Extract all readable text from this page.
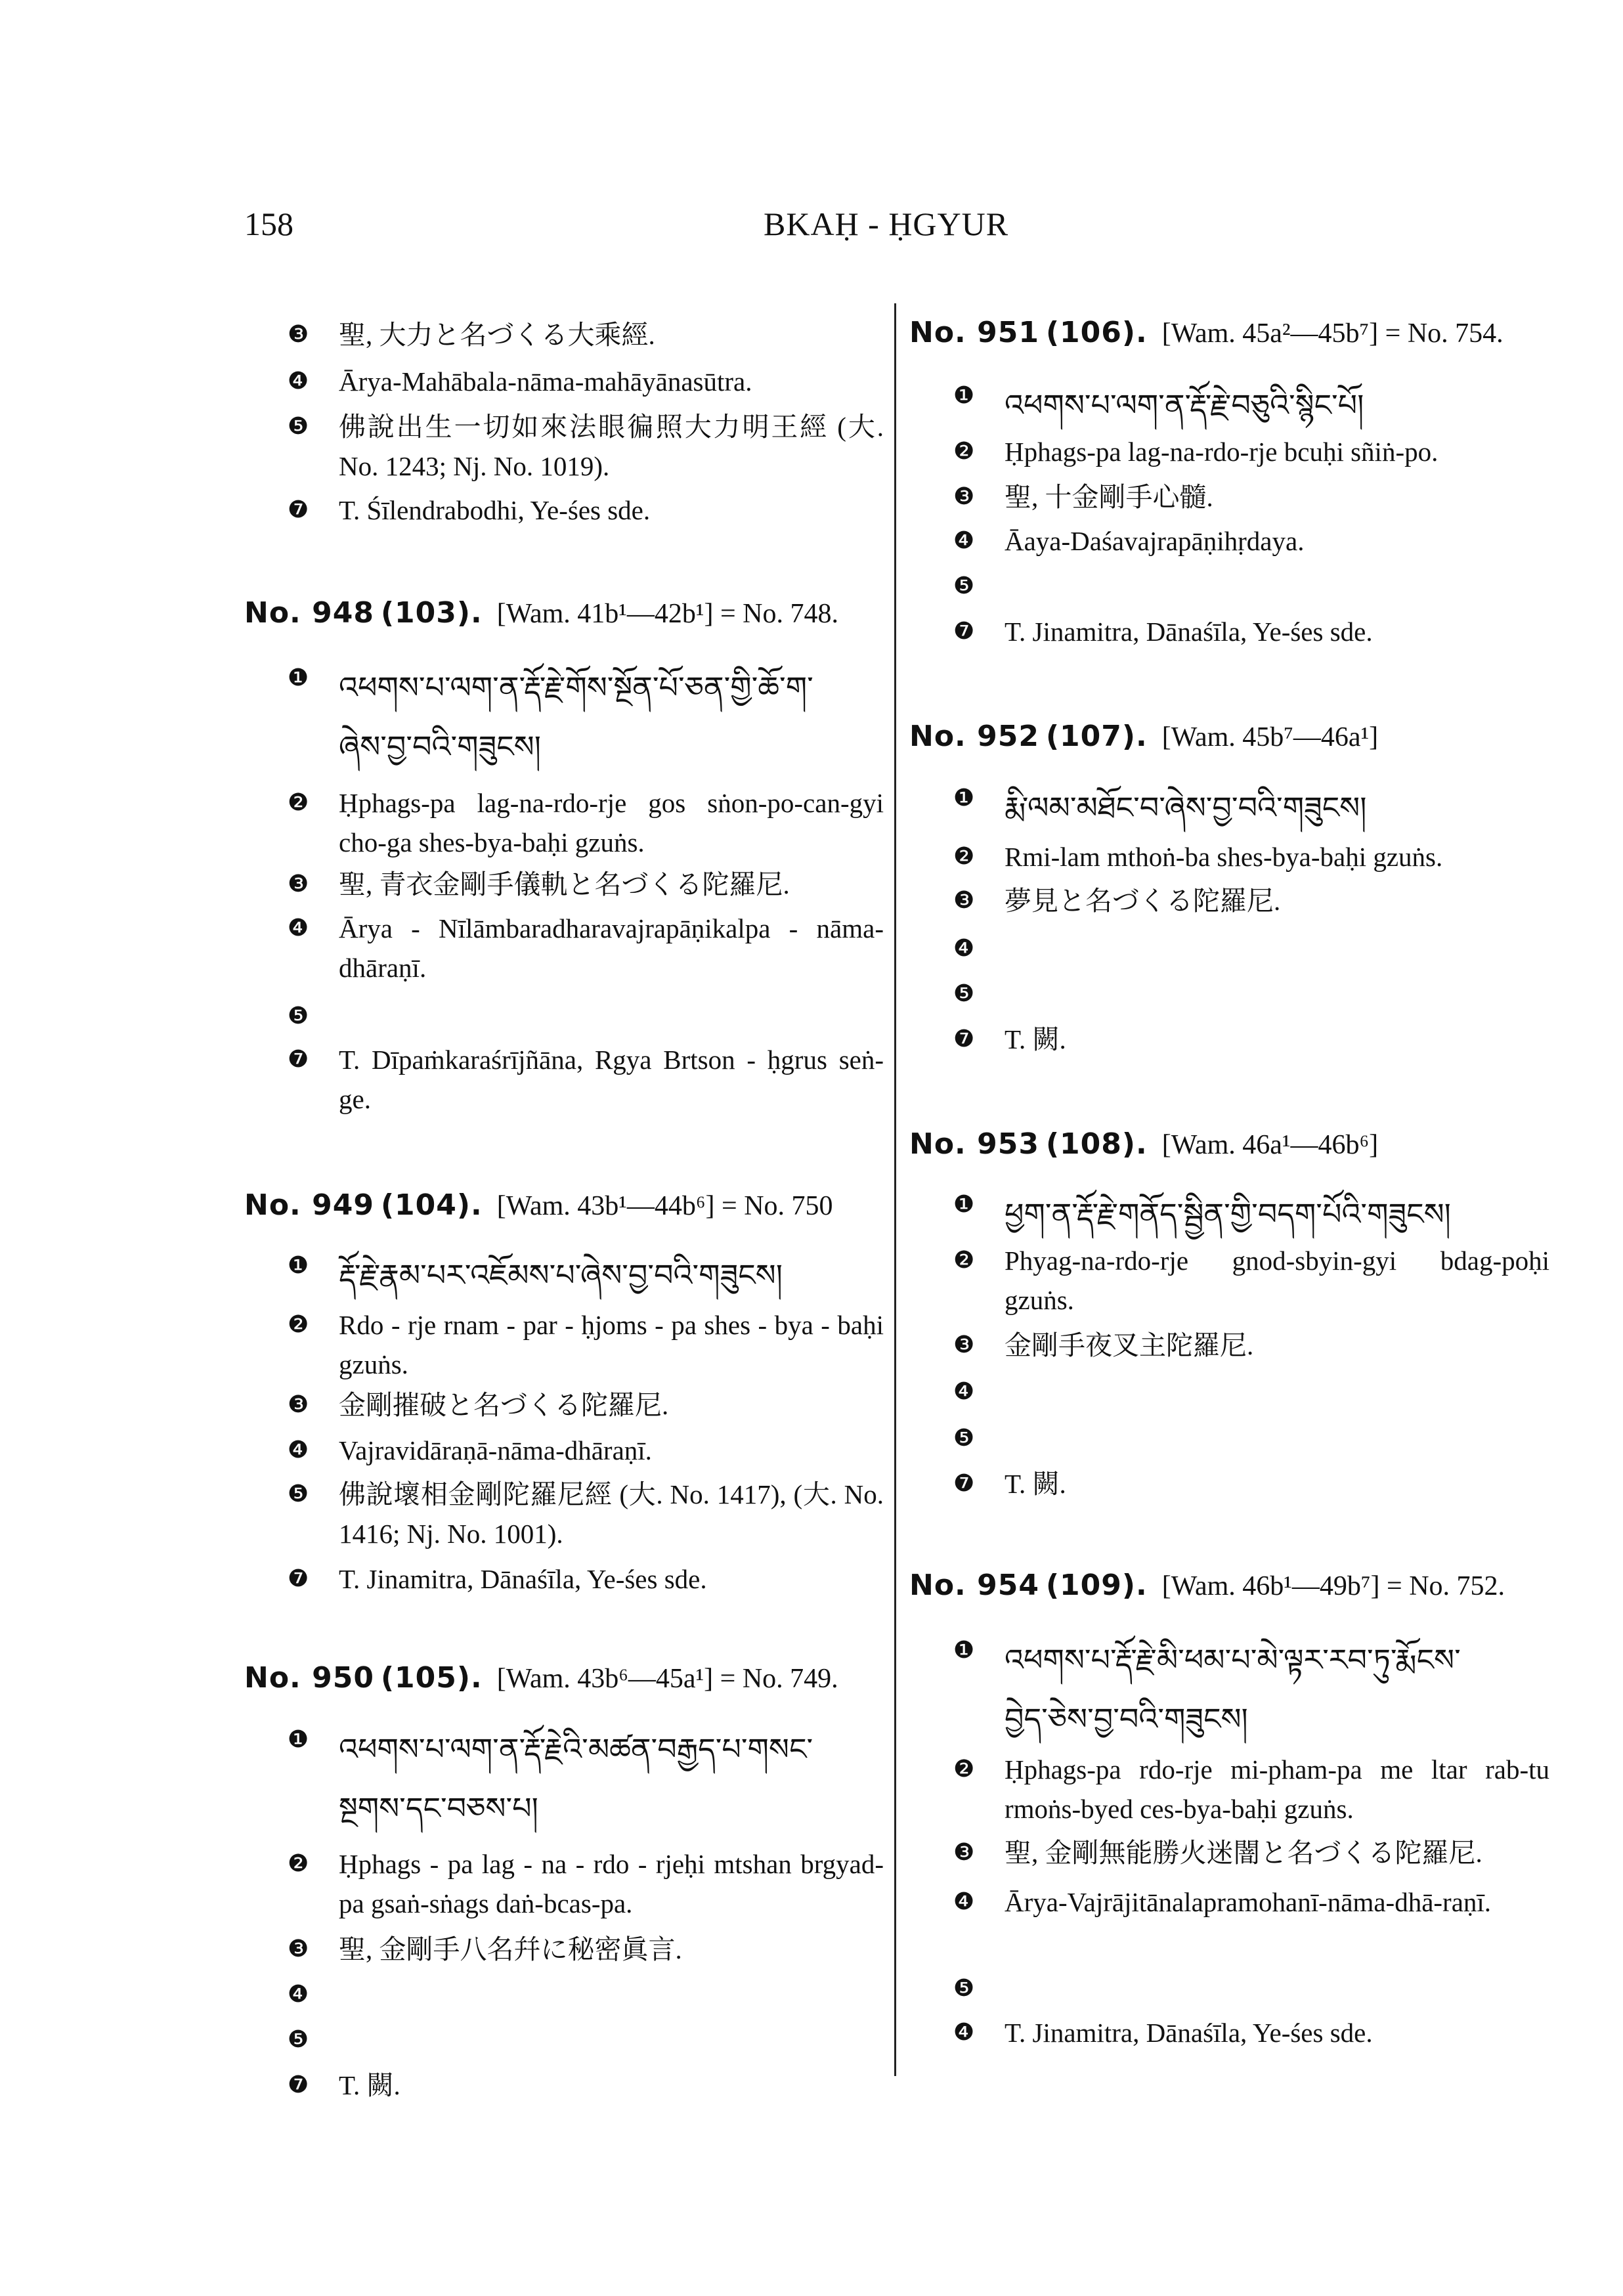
158	BKAḤ - ḤGYUR
❸ 聖, 大力と名づくる大乘經.
❹ Ārya-Mahābala-nāma-mahāyānasūtra.
❺ 佛說出生一切如來法眼徧照大力明王經 (大. No. 1243; Nj. No. 1019).
❼ T. Śīlendrabodhi, Ye-śes sde.
No. 948 (103). [Wam. 41b¹—42b¹] = No. 748.
❶ འཕགས་པ་ལག་ན་རྡོ་རྗེ་གོས་སྔོན་པོ་ཅན་གྱི་ཆོ་ག་
ཞེས་བྱ་བའི་གཟུངས།
❷ Ḥphags-pa lag-na-rdo-rje gos sṅon-po-can-gyi cho-ga shes-bya-baḥi gzuṅs.
❸ 聖, 青衣金剛手儀軌と名づくる陀羅尼.
❹ Ārya - Nīlāmbaradharavajrapāṇikalpa - nāma-dhāraṇī.
❺
❼ T. Dīpaṁkaraśrījñāna, Rgya Brtson - ḥgrus seṅ-ge.
No. 949 (104). [Wam. 43b¹—44b⁶] = No. 750
❶ རྡོ་རྗེ་རྣམ་པར་འཇོམས་པ་ཞེས་བྱ་བའི་གཟུངས།
❷ Rdo - rje rnam - par - ḥjoms - pa shes - bya - baḥi gzuṅs.
❸ 金剛摧破と名づくる陀羅尼.
❹ Vajravidāraṇā-nāma-dhāraṇī.
❺ 佛說壞相金剛陀羅尼經 (大. No. 1417), (大. No. 1416; Nj. No. 1001).
❼ T. Jinamitra, Dānaśīla, Ye-śes sde.
No. 950 (105). [Wam. 43b⁶—45a¹] = No. 749.
❶ འཕགས་པ་ལག་ན་རྡོ་རྗེའི་མཚན་བརྒྱད་པ་གསང་
སྔགས་དང་བཅས་པ།
❷ Ḥphags - pa lag - na - rdo - rjeḥi mtshan brgyad-pa gsaṅ-sṅags daṅ-bcas-pa.
❸ 聖, 金剛手八名幷に秘密眞言.
❹
❺
❼ T. 闕.
No. 951 (106). [Wam. 45a²—45b⁷] = No. 754.
❶ འཕགས་པ་ལག་ན་རྡོ་རྗེ་བཅུའི་སྙིང་པོ།
❷ Ḥphags-pa lag-na-rdo-rje bcuḥi sñiṅ-po.
❸ 聖, 十金剛手心髓.
❹ Āaya-Daśavajrapāṇihṛdaya.
❺
❼ T. Jinamitra, Dānaśīla, Ye-śes sde.
No. 952 (107). [Wam. 45b⁷—46a¹]
❶ རྨི་ལམ་མཐོང་བ་ཞེས་བྱ་བའི་གཟུངས།
❷ Rmi-lam mthoṅ-ba shes-bya-baḥi gzuṅs.
❸ 夢見と名づくる陀羅尼.
❹
❺
❼ T. 闕.
No. 953 (108). [Wam. 46a¹—46b⁶]
❶ ཕྱག་ན་རྡོ་རྗེ་གནོད་སྦྱིན་གྱི་བདག་པོའི་གཟུངས།
❷ Phyag-na-rdo-rje gnod-sbyin-gyi bdag-poḥi gzuṅs.
❸ 金剛手夜叉主陀羅尼.
❹
❺
❼ T. 闕.
No. 954 (109). [Wam. 46b¹—49b⁷] = No. 752.
❶ འཕགས་པ་རྡོ་རྗེ་མི་ཕམ་པ་མེ་ལྟར་རབ་ཏུ་རྨོངས་
བྱེད་ཅེས་བྱ་བའི་གཟུངས།
❷ Ḥphags-pa rdo-rje mi-pham-pa me ltar rab-tu rmoṅs-byed ces-bya-baḥi gzuṅs.
❸ 聖, 金剛無能勝火迷闇と名づくる陀羅尼.
❹ Ārya-Vajrājitānalapramohanī-nāma-dhā-raṇī.
❺
❹ T. Jinamitra, Dānaśīla, Ye-śes sde.
